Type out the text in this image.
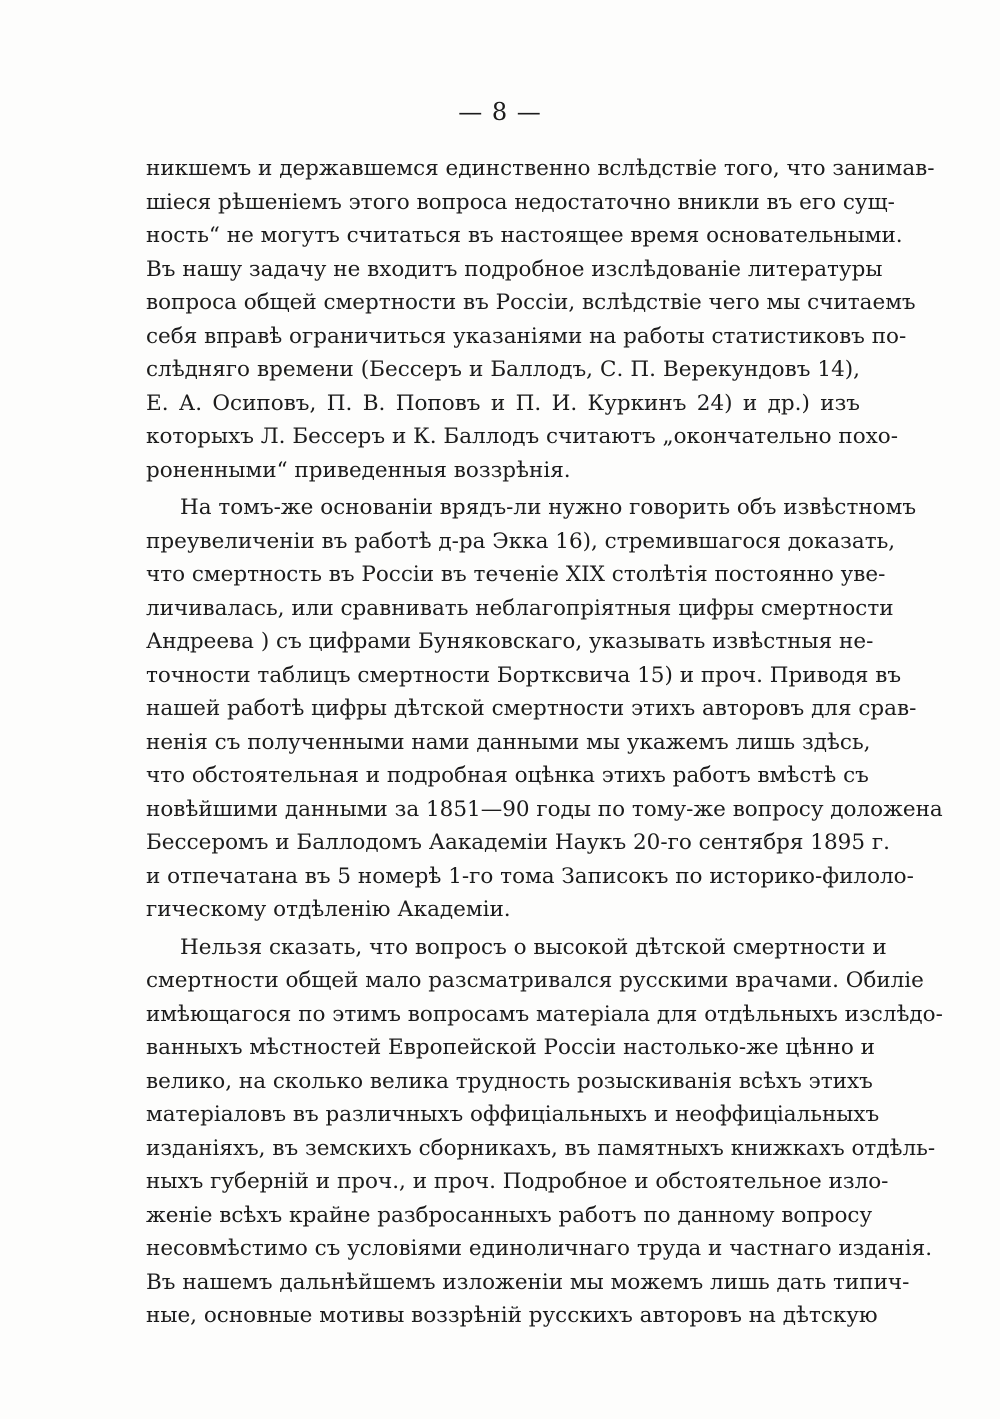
— 8 —
никшемъ и державшемся единственно вслѣдствіе того, что занимав-
шіеся рѣшеніемъ этого вопроса недостаточно вникли въ его сущ-
ность“ не могутъ считаться въ настоящее время основательными.
Въ нашу задачу не входитъ подробное изслѣдованіе литературы
вопроса общей смертности въ Россіи, вслѣдствіе чего мы считаемъ
себя вправѣ ограничиться указаніями на работы статистиковъ по-
слѣдняго времени (Бессеръ и Баллодъ, С. П. Верекундовъ 14),
Е. А. Осиповъ, П. В. Поповъ и П. И. Куркинъ 24) и др.) изъ
которыхъ Л. Бессеръ и К. Баллодъ считаютъ „окончательно похо-
роненными“ приведенныя воззрѣнія.
На томъ-же основаніи врядъ-ли нужно говорить объ извѣстномъ
преувеличеніи въ работѣ д-ра Экка 16), стремившагося доказать,
что смертность въ Россіи въ теченіе XIX столѣтія постоянно уве-
личивалась, или сравнивать неблагопріятныя цифры смертности
Андреева ) съ цифрами Буняковскаго, указывать извѣстныя не-
точности таблицъ смертности Бортксвича 15) и проч. Приводя въ
нашей работѣ цифры дѣтской смертности этихъ авторовъ для срав-
ненія съ полученными нами данными мы укажемъ лишь здѣсь,
что обстоятельная и подробная оцѣнка этихъ работъ вмѣстѣ съ
новѣйшими данными за 1851—90 годы по тому-же вопросу доложена
Бессеромъ и Баллодомъ Аакадеміи Наукъ 20-го сентября 1895 г.
и отпечатана въ 5 номерѣ 1-го тома Записокъ по историко-филоло-
гическому отдѣленію Академіи.
Нельзя сказать, что вопросъ о высокой дѣтской смертности и
смертности общей мало разсматривался русскими врачами. Обиліе
имѣющагося по этимъ вопросамъ матеріала для отдѣльныхъ изслѣдо-
ванныхъ мѣстностей Европейской Россіи настолько-же цѣнно и
велико, на сколько велика трудность розыскиванія всѣхъ этихъ
матеріаловъ въ различныхъ оффиціальныхъ и неоффиціальныхъ
изданіяхъ, въ земскихъ сборникахъ, въ памятныхъ книжкахъ отдѣль-
ныхъ губерній и проч., и проч. Подробное и обстоятельное изло-
женіе всѣхъ крайне разбросанныхъ работъ по данному вопросу
несовмѣстимо съ условіями единоличнаго труда и частнаго изданія.
Въ нашемъ дальнѣйшемъ изложеніи мы можемъ лишь дать типич-
ные, основные мотивы воззрѣній русскихъ авторовъ на дѣтскую
